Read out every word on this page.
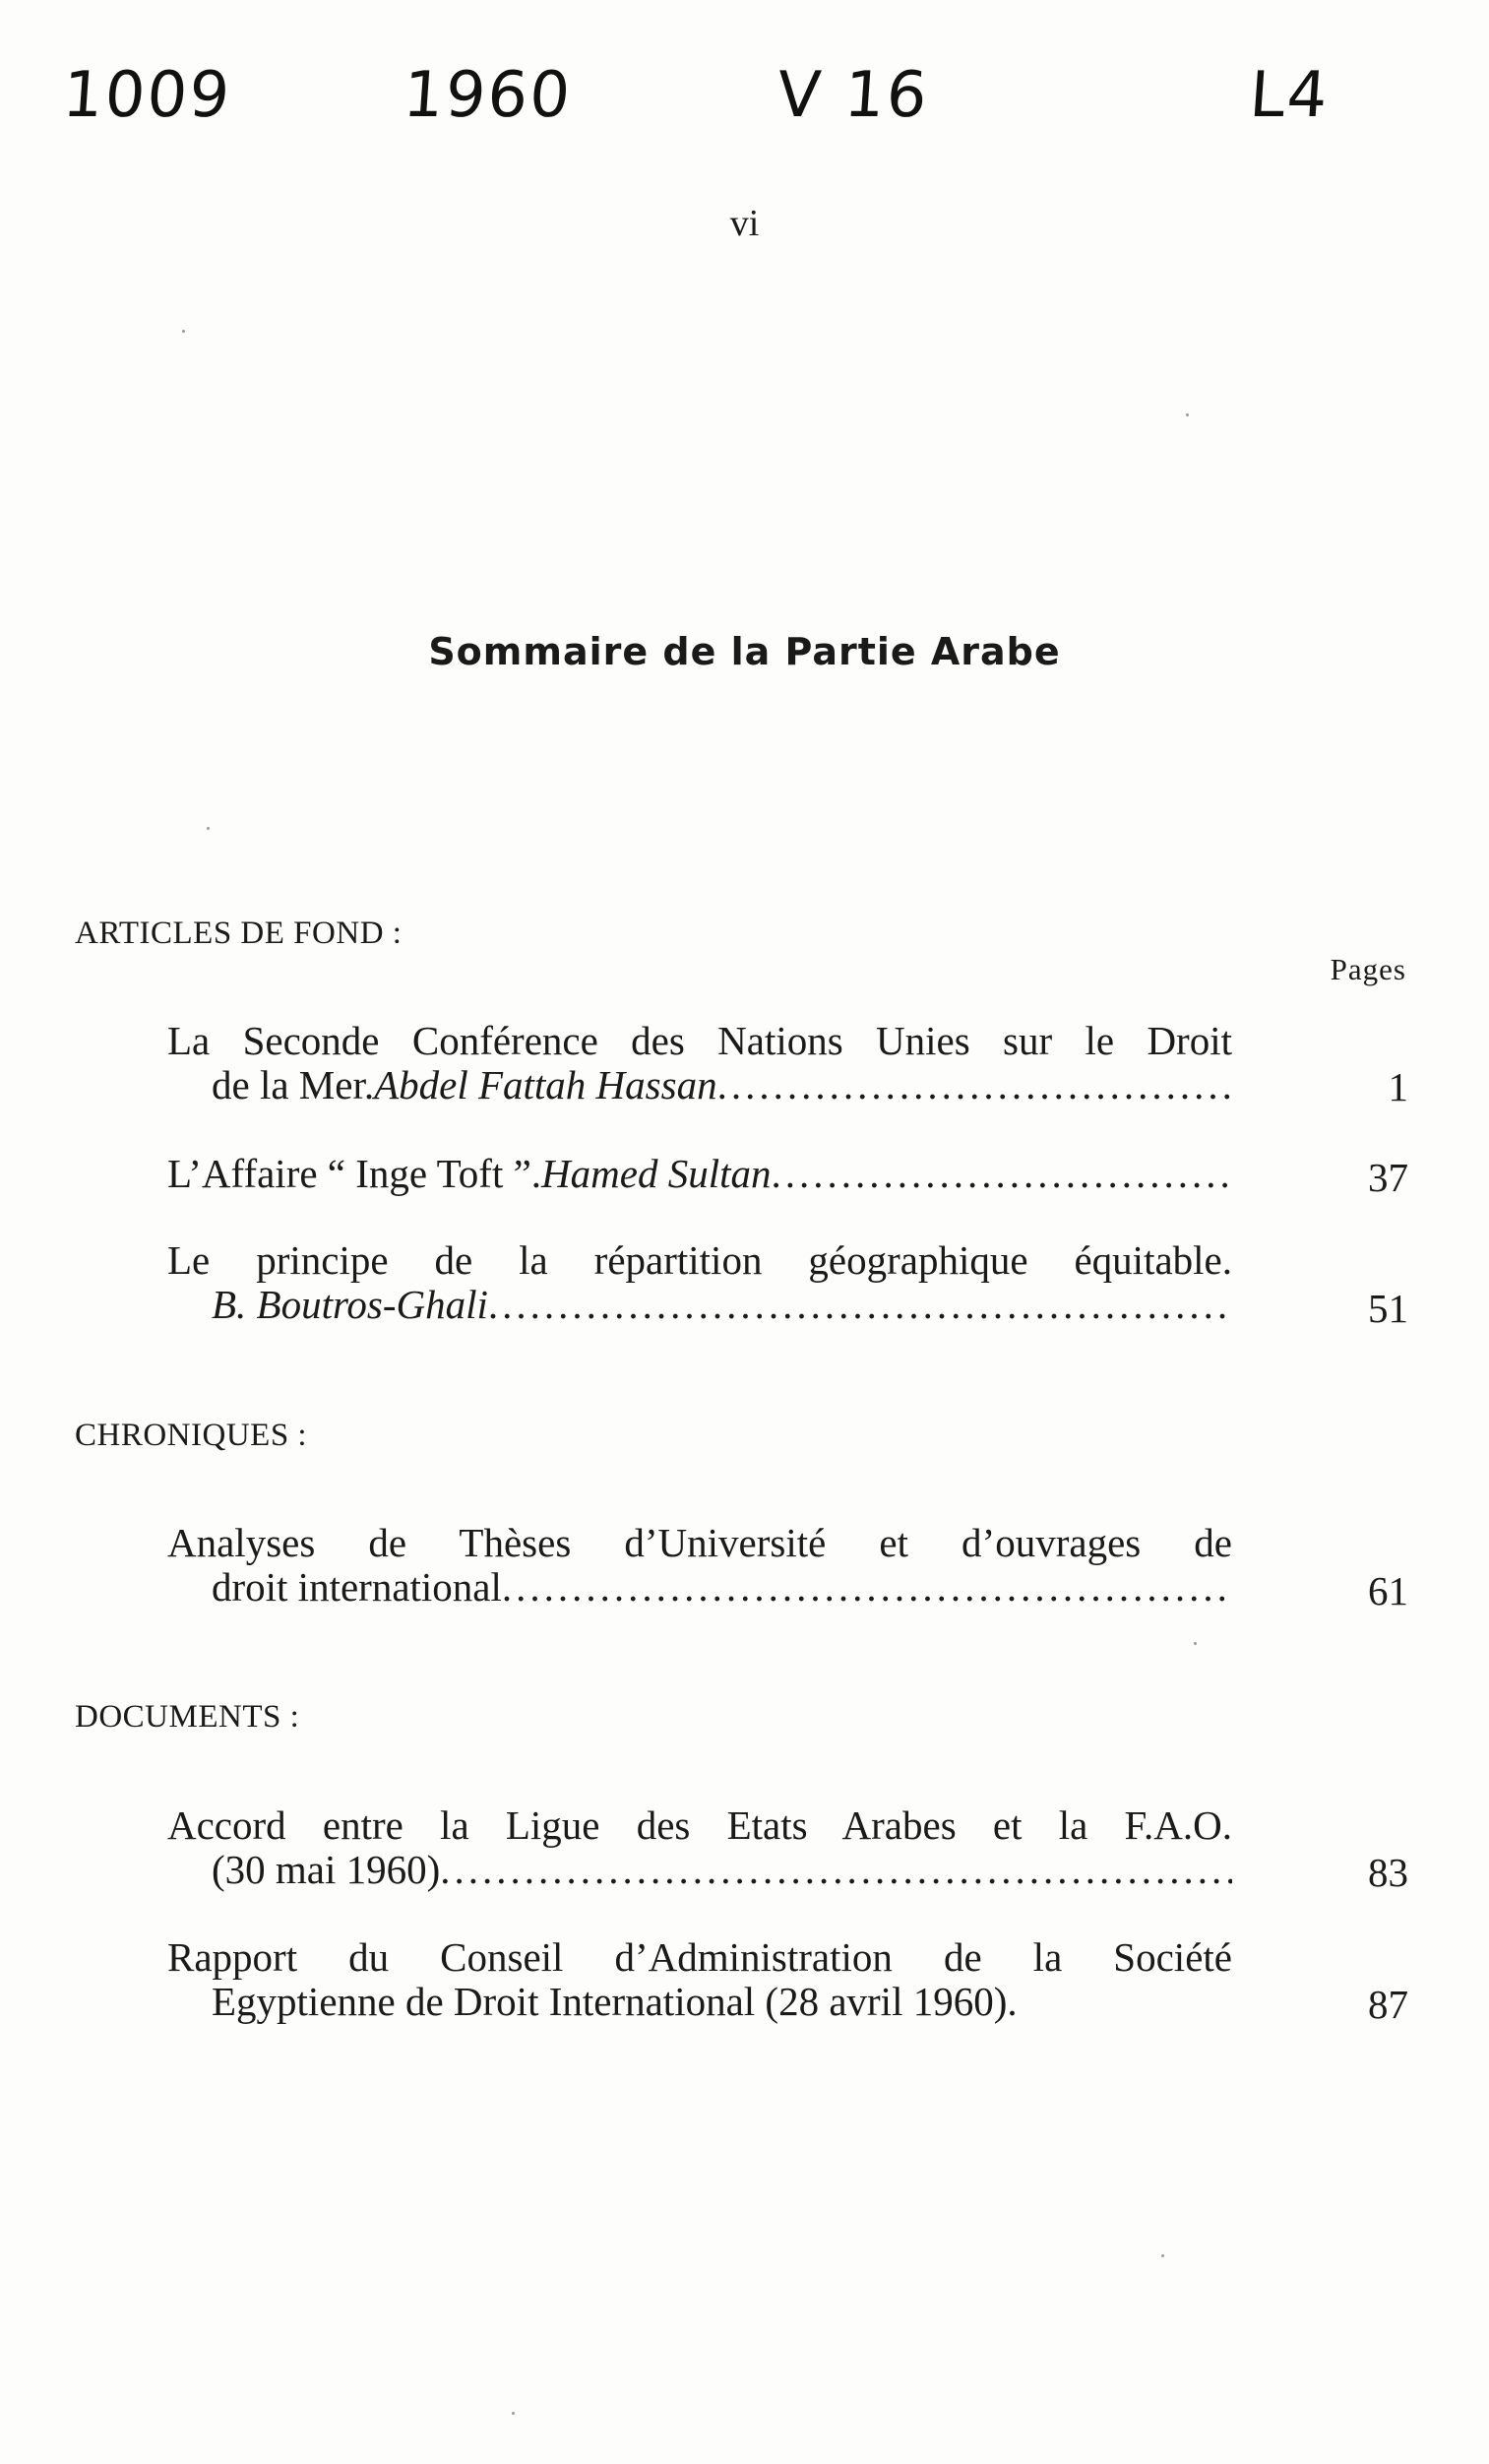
1009	1960	V 16	L4
vi
Sommaire de la Partie Arabe
ARTICLES DE FOND :
Pages
La Seconde Conférence des Nations Unies sur le Droit
de la Mer. Abdel Fattah Hassan .....	1
L’Affaire “ Inge Toft ”. Hamed Sultan .....	37
Le principe de la répartition géographique équitable.
B. Boutros-Ghali .....	51
CHRONIQUES :
Analyses de Thèses d’Université et d’ouvrages de
droit international .....	61
DOCUMENTS :
Accord entre la Ligue des Etats Arabes et la F.A.O.
(30 mai 1960) .....	83
Rapport du Conseil d’Administration de la Société
Egyptienne de Droit International (28 avril 1960).	87
